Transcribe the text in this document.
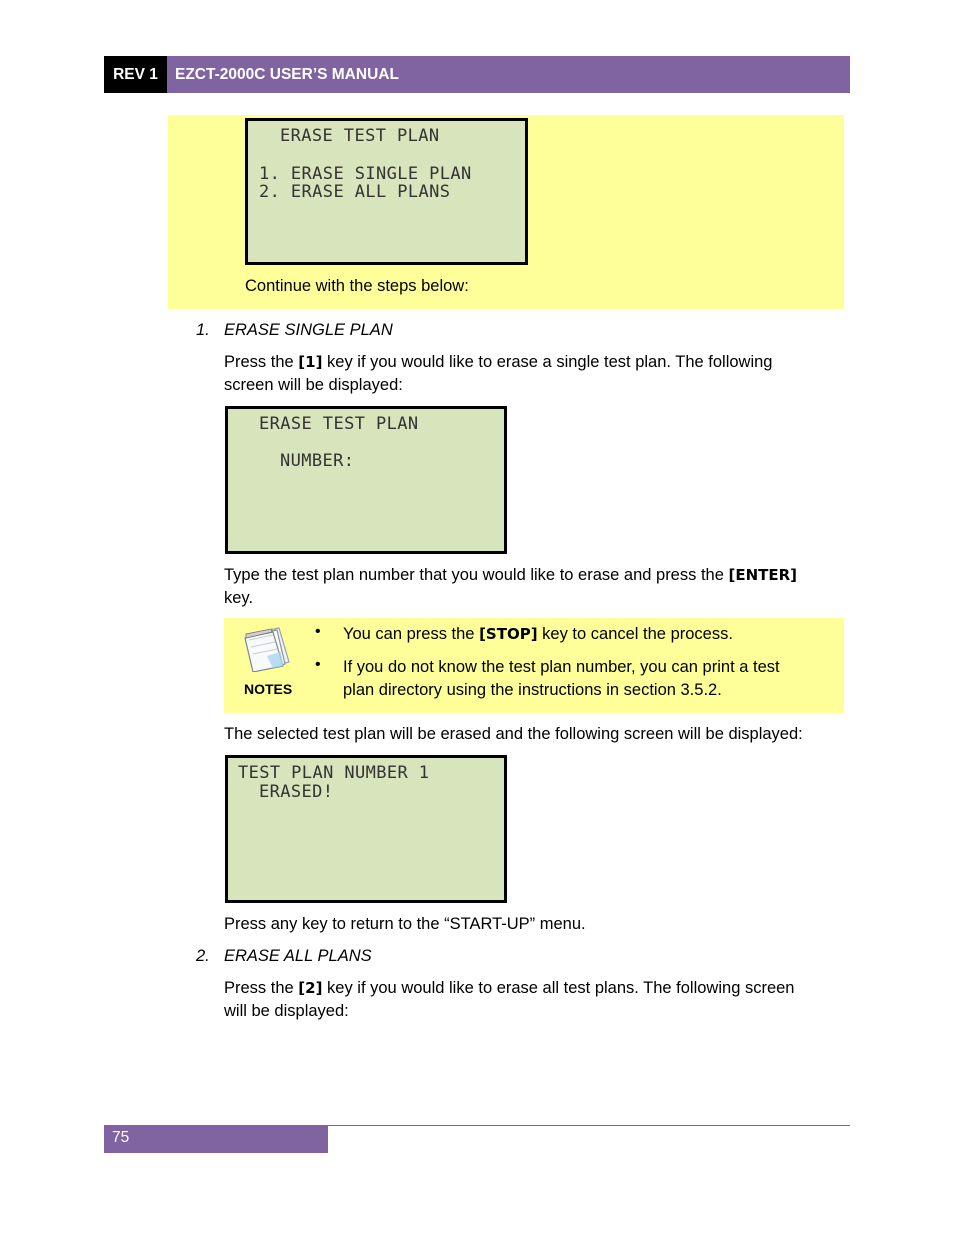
REV 1	EZCT-2000C USER’S MANUAL
ERASE TEST PLAN
1. ERASE SINGLE PLAN
2. ERASE ALL PLANS
Continue with the steps below:
1. ERASE SINGLE PLAN
Press the [1] key if you would like to erase a single test plan. The following
screen will be displayed:
ERASE TEST PLAN
NUMBER:
Type the test plan number that you would like to erase and press the [ENTER]
key.
NOTES
• You can press the [STOP] key to cancel the process.
• If you do not know the test plan number, you can print a test
plan directory using the instructions in section 3.5.2.
The selected test plan will be erased and the following screen will be displayed:
TEST PLAN NUMBER 1
ERASED!
Press any key to return to the “START-UP” menu.
2. ERASE ALL PLANS
Press the [2] key if you would like to erase all test plans. The following screen
will be displayed:
75
